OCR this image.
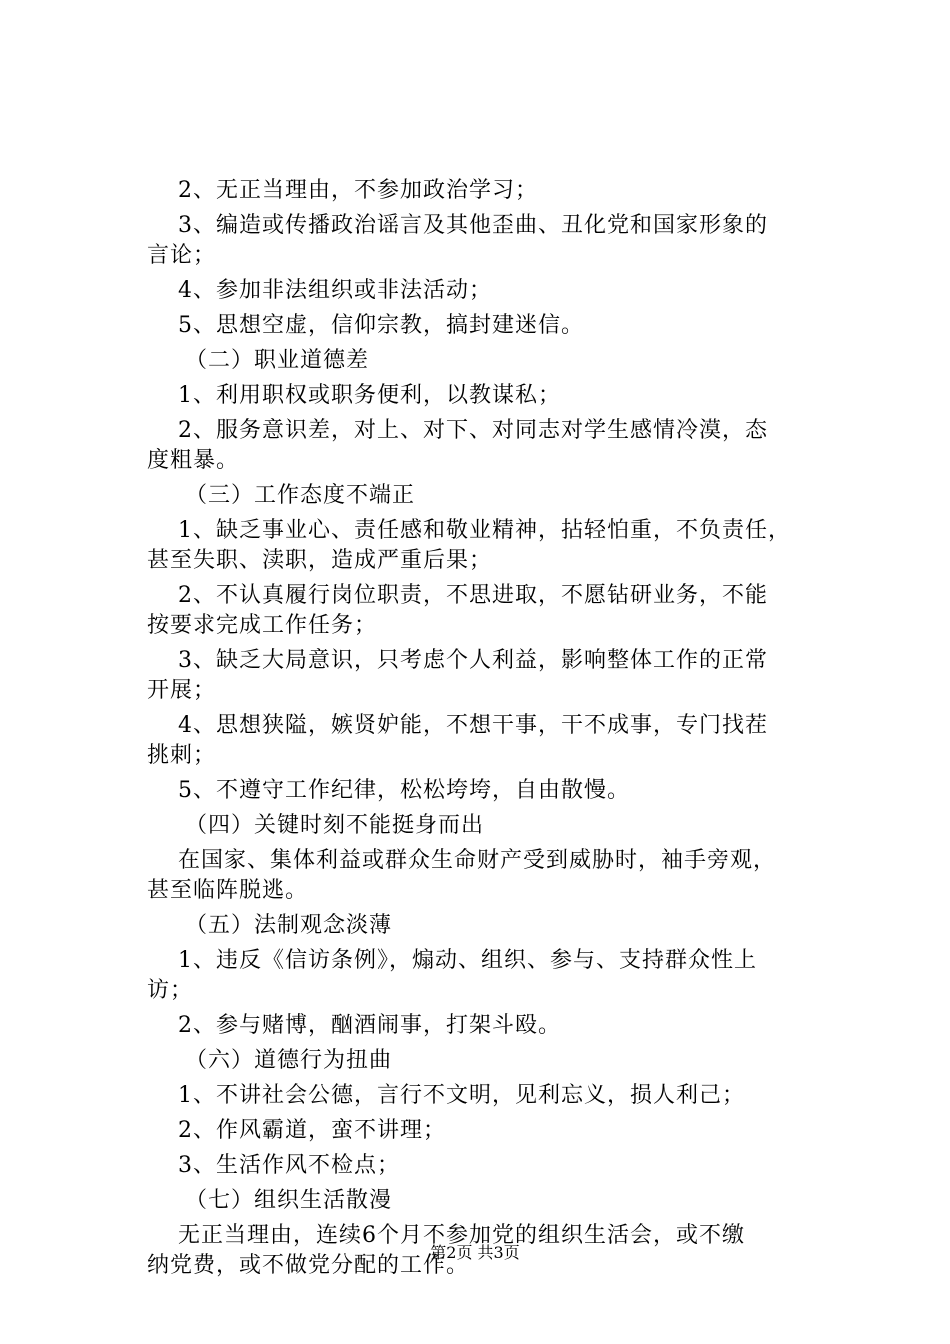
2、无正当理由，不参加政治学习；
3、编造或传播政治谣言及其他歪曲、丑化党和国家形象的
言论；
4、参加非法组织或非法活动；
5、思想空虚，信仰宗教，搞封建迷信。
（二）职业道德差
1、利用职权或职务便利，以教谋私；
2、服务意识差，对上、对下、对同志对学生感情冷漠，态
度粗暴。
（三）工作态度不端正
1、缺乏事业心、责任感和敬业精神，拈轻怕重，不负责任，
甚至失职、渎职，造成严重后果；
2、不认真履行岗位职责，不思进取，不愿钻研业务，不能
按要求完成工作任务；
3、缺乏大局意识，只考虑个人利益，影响整体工作的正常
开展；
4、思想狭隘，嫉贤妒能，不想干事，干不成事，专门找茬
挑刺；
5、不遵守工作纪律，松松垮垮，自由散慢。
（四）关键时刻不能挺身而出
在国家、集体利益或群众生命财产受到威胁时，袖手旁观，
甚至临阵脱逃。
（五）法制观念淡薄
1、违反《信访条例》，煽动、组织、参与、支持群众性上
访；
2、参与赌博，酗酒闹事，打架斗殴。
（六）道德行为扭曲
1、不讲社会公德，言行不文明，见利忘义，损人利己；
2、作风霸道，蛮不讲理；
3、生活作风不检点；
（七）组织生活散漫
无正当理由，连续6个月不参加党的组织生活会，或不缴
纳党费，或不做党分配的工作。
第2页 共3页
